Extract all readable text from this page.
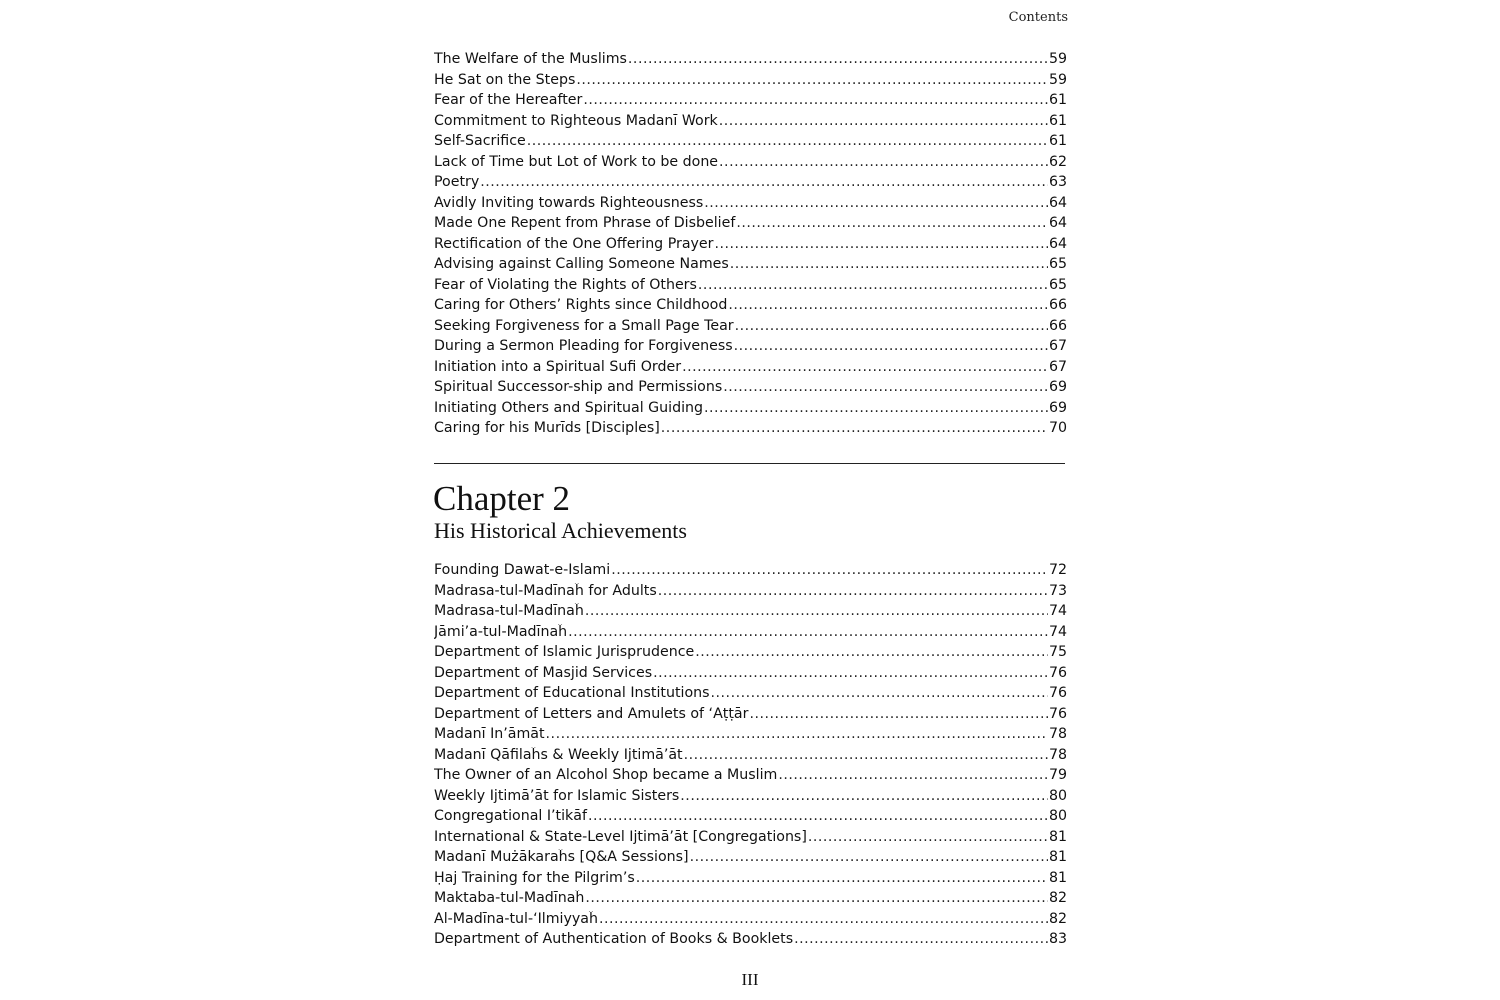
Contents
The Welfare of the Muslims .....	59
He Sat on the Steps .....	59
Fear of the Hereafter .....	61
Commitment to Righteous Madanī Work .....	61
Self-Sacrifice .....	61
Lack of Time but Lot of Work to be done .....	62
Poetry .....	63
Avidly Inviting towards Righteousness .....	64
Made One Repent from Phrase of Disbelief .....	64
Rectification of the One Offering Prayer .....	64
Advising against Calling Someone Names .....	65
Fear of Violating the Rights of Others .....	65
Caring for Others’ Rights since Childhood .....	66
Seeking Forgiveness for a Small Page Tear .....	66
During a Sermon Pleading for Forgiveness .....	67
Initiation into a Spiritual Sufi Order .....	67
Spiritual Successor-ship and Permissions .....	69
Initiating Others and Spiritual Guiding .....	69
Caring for his Murīds [Disciples] .....	70
Chapter 2
His Historical Achievements
Founding Dawat-e-Islami .....	72
Madrasa-tul-Madīnaĥ for Adults .....	73
Madrasa-tul-Madīnaĥ .....	74
Jāmi’a-tul-Madīnaĥ .....	74
Department of Islamic Jurisprudence .....	75
Department of Masjid Services .....	76
Department of Educational Institutions .....	76
Department of Letters and Amulets of ‘Aṭṭār .....	76
Madanī In’āmāt .....	78
Madanī Qāfilaĥs & Weekly Ijtimā’āt .....	78
The Owner of an Alcohol Shop became a Muslim .....	79
Weekly Ijtimā’āt for Islamic Sisters .....	80
Congregational I’tikāf .....	80
International & State-Level Ijtimā’āt [Congregations] .....	81
Madanī Mużākaraĥs [Q&A Sessions] .....	81
Ḥaj Training for the Pilgrim’s .....	81
Maktaba-tul-Madīnaĥ .....	82
Al-Madīna-tul-‘Ilmiyyaĥ .....	82
Department of Authentication of Books & Booklets .....	83
III
